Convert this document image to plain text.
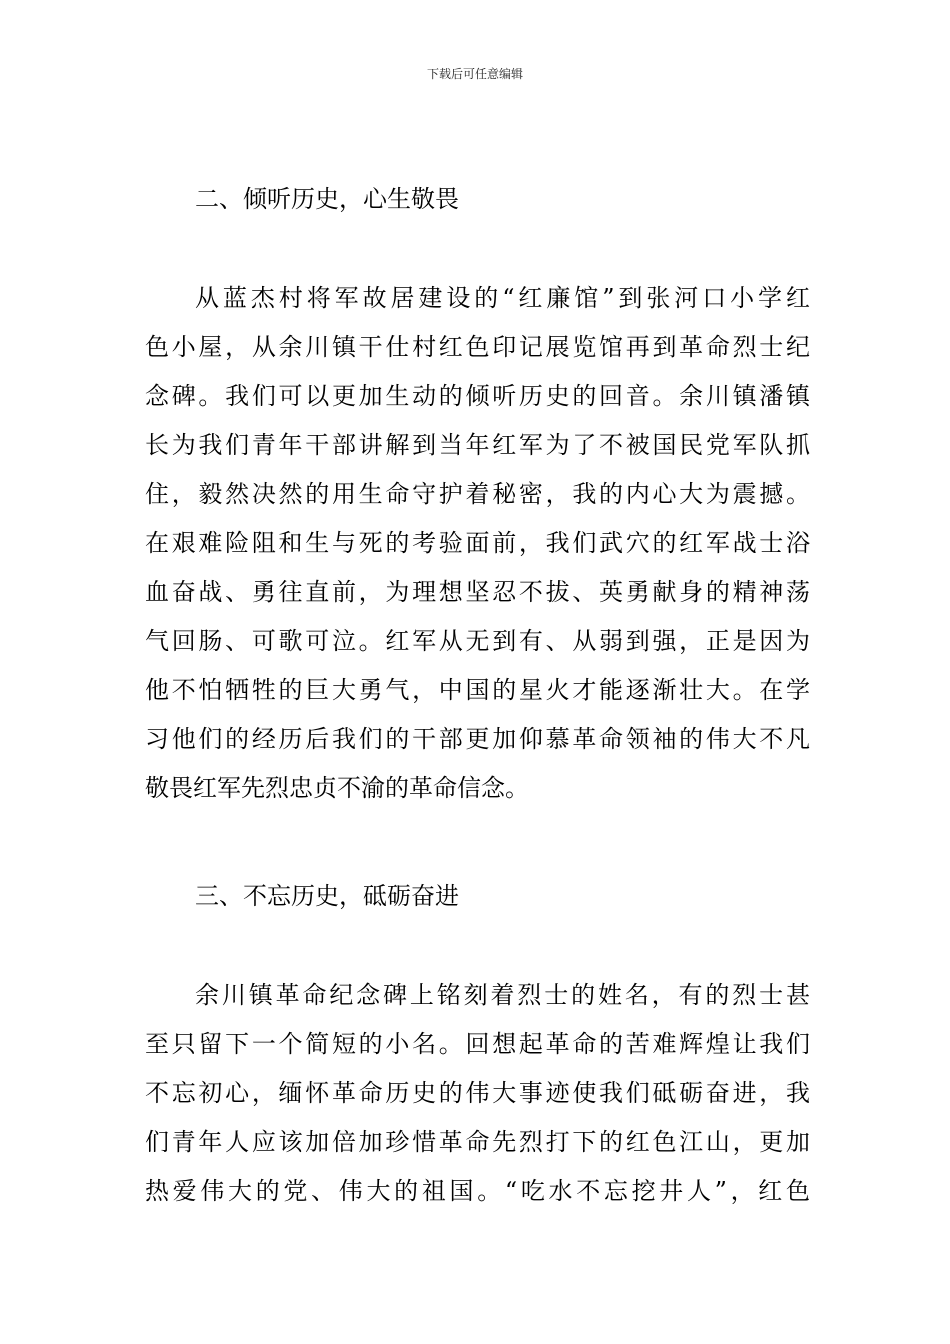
下载后可任意编辑
二、倾听历史，心生敬畏
从蓝杰村将军故居建设的“红廉馆”到张河口小学红
色小屋，从余川镇干仕村红色印记展览馆再到革命烈士纪
念碑。我们可以更加生动的倾听历史的回音。余川镇潘镇
长为我们青年干部讲解到当年红军为了不被国民党军队抓
住，毅然决然的用生命守护着秘密，我的内心大为震撼。
在艰难险阻和生与死的考验面前，我们武穴的红军战士浴
血奋战、勇往直前，为理想坚忍不拔、英勇献身的精神荡
气回肠、可歌可泣。红军从无到有、从弱到强，正是因为
他不怕牺牲的巨大勇气，中国的星火才能逐渐壮大。在学
习他们的经历后我们的干部更加仰慕革命领袖的伟大不凡
敬畏红军先烈忠贞不渝的革命信念。
三、不忘历史，砥砺奋进
余川镇革命纪念碑上铭刻着烈士的姓名，有的烈士甚
至只留下一个简短的小名。回想起革命的苦难辉煌让我们
不忘初心，缅怀革命历史的伟大事迹使我们砥砺奋进，我
们青年人应该加倍加珍惜革命先烈打下的红色江山，更加
热爱伟大的党、伟大的祖国。“吃水不忘挖井人”，红色
